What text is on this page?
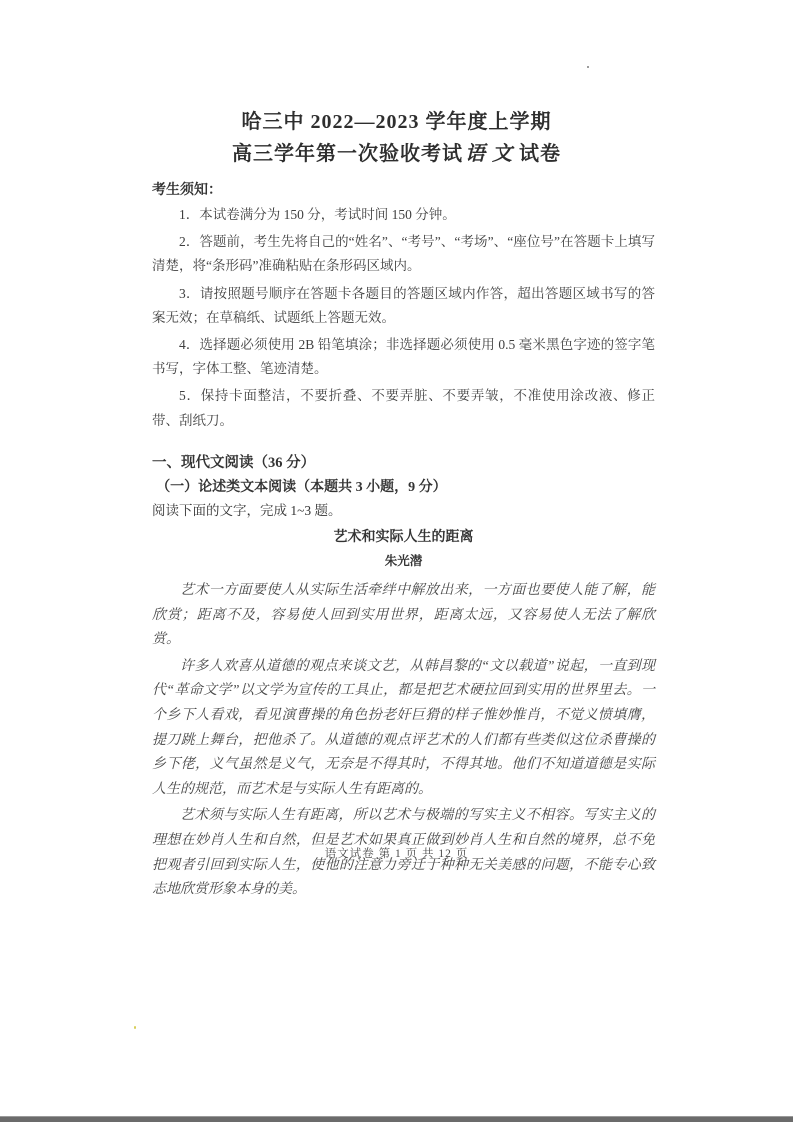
哈三中 2022—2023 学年度上学期
高三学年第一次验收考试 语文试卷
考生须知：

1．本试卷满分为 150 分，考试时间 150 分钟。

2．答题前，考生先将自己的“姓名”、“考号”、“考场”、“座位号”在答题卡上填写清楚，将“条形码”准确粘贴在条形码区域内。

3．请按照题号顺序在答题卡各题目的答题区域内作答，超出答题区域书写的答案无效；在草稿纸、试题纸上答题无效。

4．选择题必须使用 2B 铅笔填涂；非选择题必须使用 0.5 毫米黑色字迹的签字笔书写，字体工整、笔迹清楚。

5．保持卡面整洁，不要折叠、不要弄脏、不要弄皱，不准使用涂改液、修正带、刮纸刀。

一、现代文阅读（36 分）

（一）论述类文本阅读（本题共 3 小题，9 分）

阅读下面的文字，完成 1~3 题。

艺术和实际人生的距离

朱光潜

艺术一方面要使人从实际生活牵绊中解放出来，一方面也要使人能了解，能欣赏；距离不及，容易使人回到实用世界，距离太远，又容易使人无法了解欣赏。

许多人欢喜从道德的观点来谈文艺，从韩昌黎的“文以载道”说起，一直到现代“革命文学”以文学为宣传的工具止，都是把艺术硬拉回到实用的世界里去。一个乡下人看戏，看见演曹操的角色扮老奸巨猾的样子惟妙惟肖，不觉义愤填膺，提刀跳上舞台，把他杀了。从道德的观点评艺术的人们都有些类似这位杀曹操的乡下佬，义气虽然是义气，无奈是不得其时，不得其地。他们不知道道德是实际人生的规范，而艺术是与实际人生有距离的。

艺术须与实际人生有距离，所以艺术与极端的写实主义不相容。写实主义的理想在妙肖人生和自然，但是艺术如果真正做到妙肖人生和自然的境界，总不免把观者引回到实际人生，使他的注意力旁迁于种种无关美感的问题，不能专心致志地欣赏形象本身的美。

语文试卷 第 1 页 共 12 页
